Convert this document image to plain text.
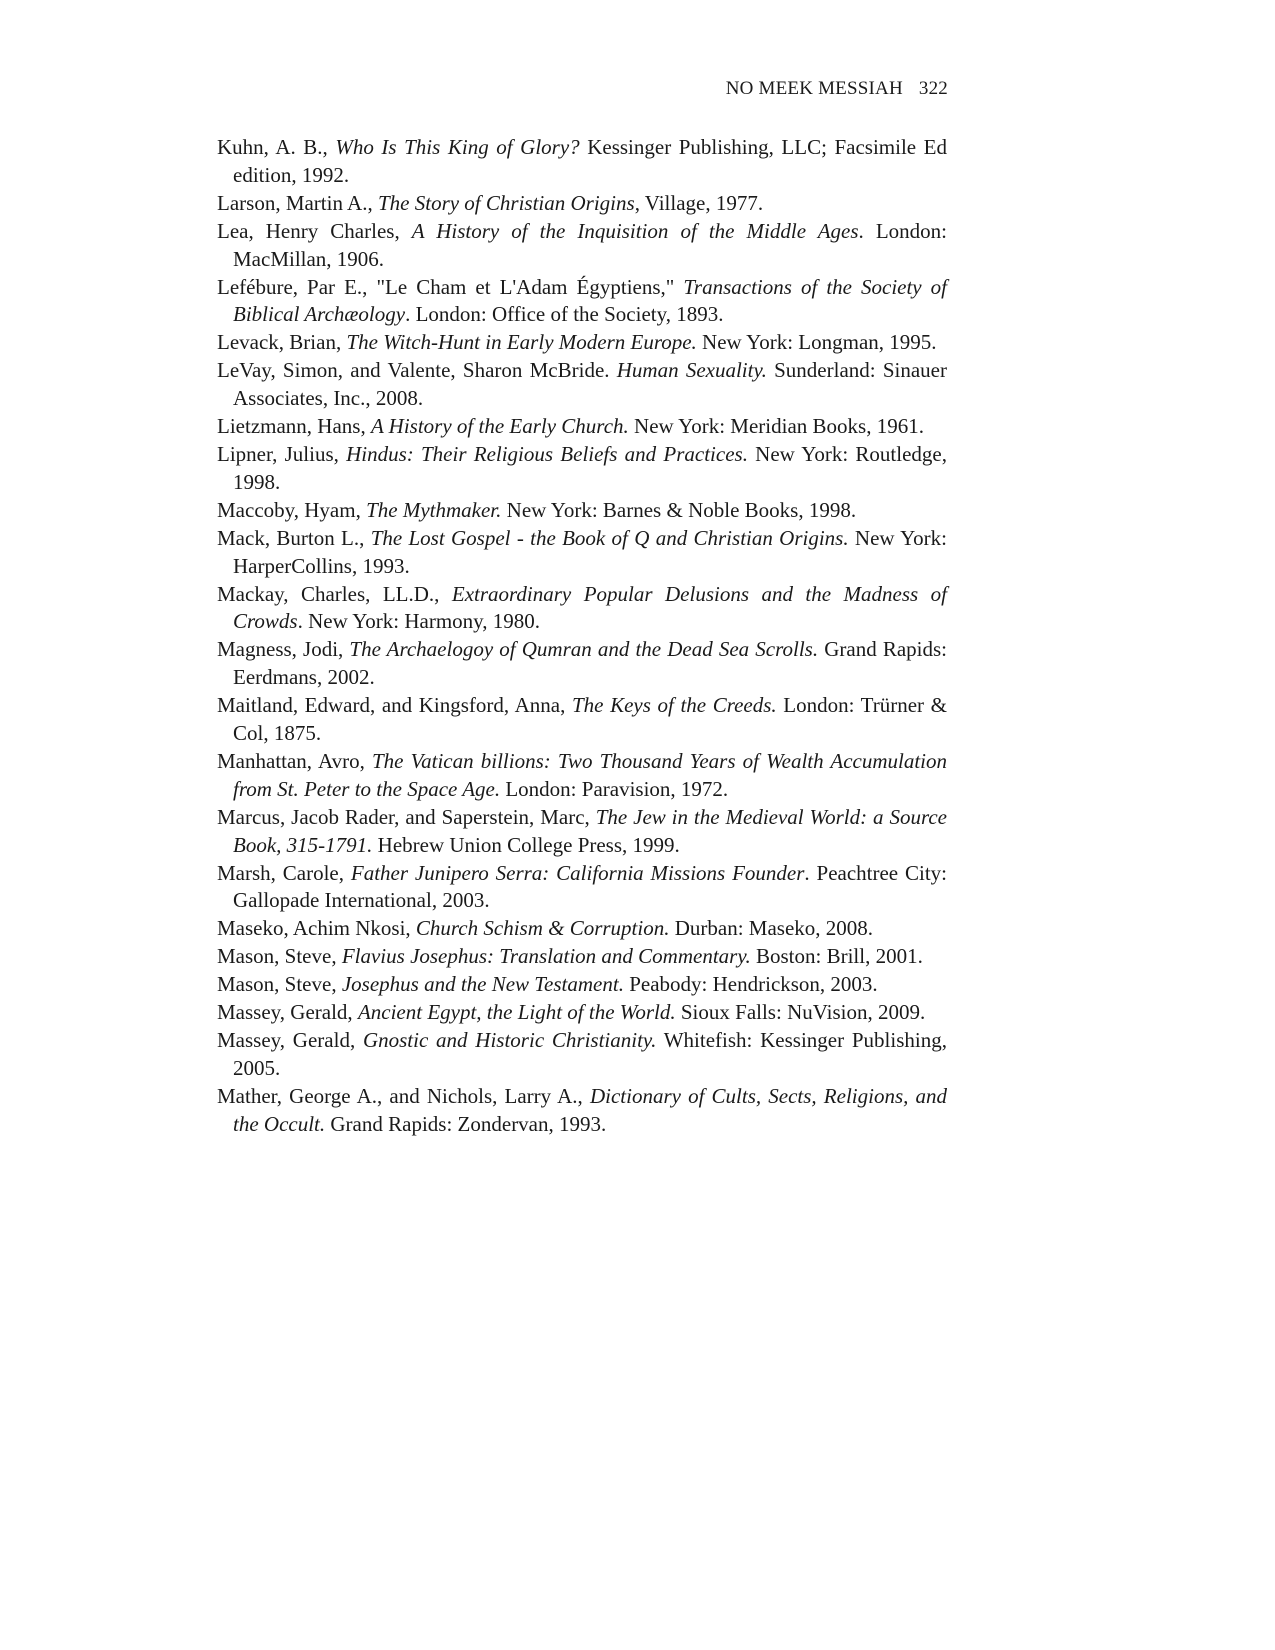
NO MEEK MESSIAH 322
Kuhn, A. B., Who Is This King of Glory? Kessinger Publishing, LLC; Facsimile Ed edition, 1992.
Larson, Martin A., The Story of Christian Origins, Village, 1977.
Lea, Henry Charles, A History of the Inquisition of the Middle Ages. London: MacMillan, 1906.
Lefébure, Par E., "Le Cham et L'Adam Égyptiens," Transactions of the Society of Biblical Archæology. London: Office of the Society, 1893.
Levack, Brian, The Witch-Hunt in Early Modern Europe. New York: Longman, 1995.
LeVay, Simon, and Valente, Sharon McBride. Human Sexuality. Sunderland: Sinauer Associates, Inc., 2008.
Lietzmann, Hans, A History of the Early Church. New York: Meridian Books, 1961.
Lipner, Julius, Hindus: Their Religious Beliefs and Practices. New York: Routledge, 1998.
Maccoby, Hyam, The Mythmaker. New York: Barnes & Noble Books, 1998.
Mack, Burton L., The Lost Gospel - the Book of Q and Christian Origins. New York: HarperCollins, 1993.
Mackay, Charles, LL.D., Extraordinary Popular Delusions and the Madness of Crowds. New York: Harmony, 1980.
Magness, Jodi, The Archaelogoy of Qumran and the Dead Sea Scrolls. Grand Rapids: Eerdmans, 2002.
Maitland, Edward, and Kingsford, Anna, The Keys of the Creeds. London: Trürner & Col, 1875.
Manhattan, Avro, The Vatican billions: Two Thousand Years of Wealth Accumulation from St. Peter to the Space Age. London: Paravision, 1972.
Marcus, Jacob Rader, and Saperstein, Marc, The Jew in the Medieval World: a Source Book, 315-1791. Hebrew Union College Press, 1999.
Marsh, Carole, Father Junipero Serra: California Missions Founder. Peachtree City: Gallopade International, 2003.
Maseko, Achim Nkosi, Church Schism & Corruption. Durban: Maseko, 2008.
Mason, Steve, Flavius Josephus: Translation and Commentary. Boston: Brill, 2001.
Mason, Steve, Josephus and the New Testament. Peabody: Hendrickson, 2003.
Massey, Gerald, Ancient Egypt, the Light of the World. Sioux Falls: NuVision, 2009.
Massey, Gerald, Gnostic and Historic Christianity. Whitefish: Kessinger Publishing, 2005.
Mather, George A., and Nichols, Larry A., Dictionary of Cults, Sects, Religions, and the Occult. Grand Rapids: Zondervan, 1993.
